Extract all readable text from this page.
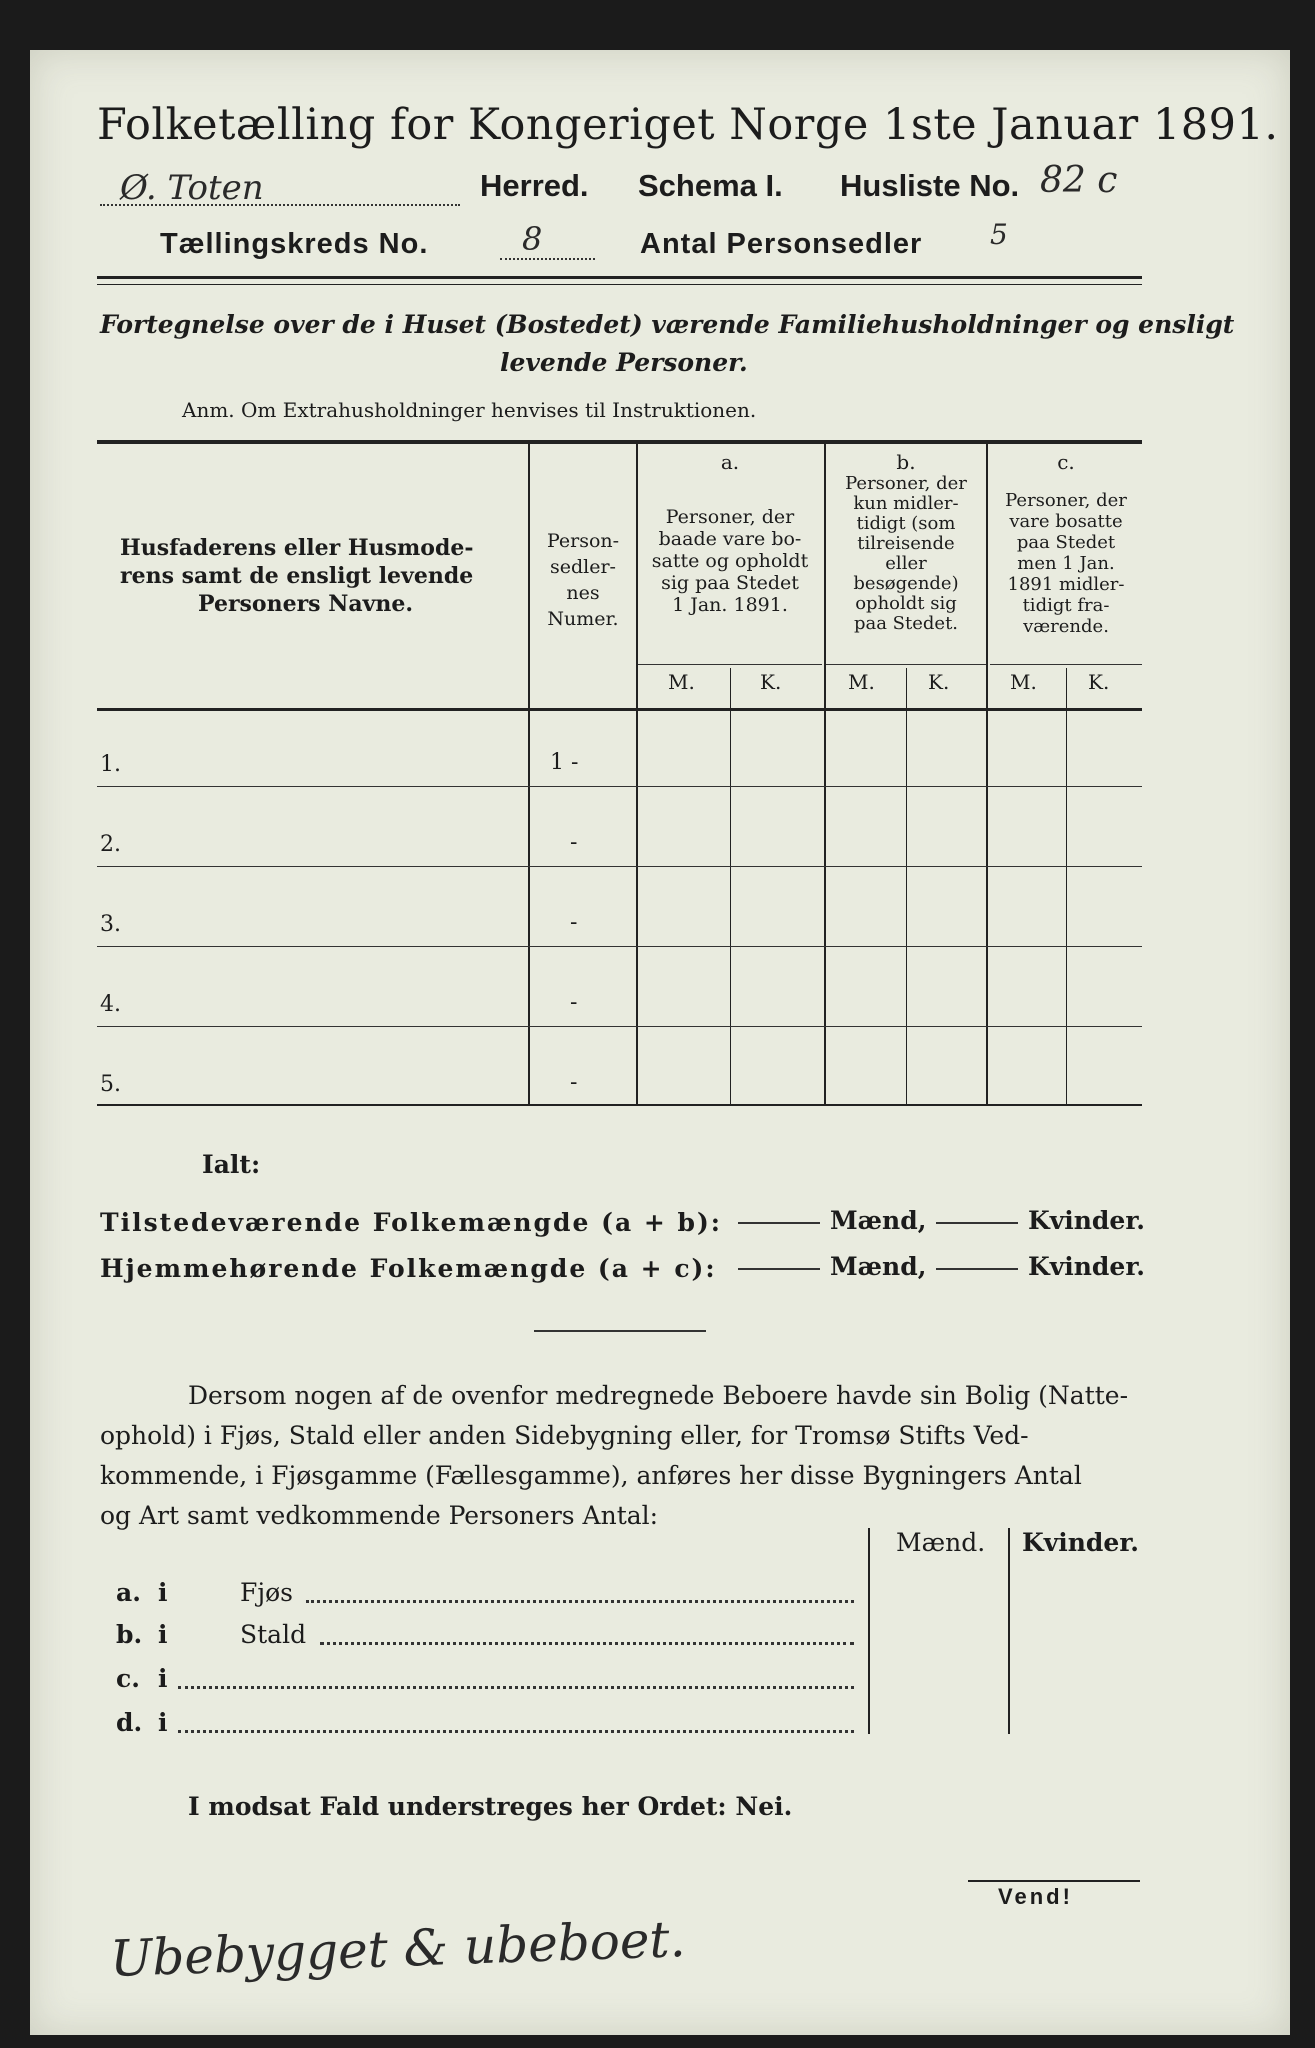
Folketælling for Kongeriget Norge 1ste Januar 1891.
Ø. Toten	Herred. Schema I. Husliste No. 82 c
Tællingskreds No.	8	Antal Personsedler 5
Fortegnelse over de i Huset (Bostedet) værende Familiehusholdninger og ensligt
levende Personer.
Anm. Om Extrahusholdninger henvises til Instruktionen.
Husfaderens eller Husmode-
rens samt de ensligt levende
Personers Navne.
Person-
sedler-
nes
Numer.
a.
Personer, der
baade vare bo-
satte og opholdt
sig paa Stedet
1 Jan. 1891.
b.
Personer, der
kun midler-
tidigt (som
tilreisende
eller
besøgende)
opholdt sig
paa Stedet.
c.
Personer, der
vare bosatte
paa Stedet
men 1 Jan.
1891 midler-
tidigt fra-
værende.
M.	K.	M.	K.	M.	K.
1.	1 -
2.	-
3.	-
4.	-
5.	-
Ialt:
Tilstedeværende Folkemængde (a + b):	Mænd,	Kvinder.
Hjemmehørende Folkemængde (a + c):	Mænd,	Kvinder.
Dersom nogen af de ovenfor medregnede Beboere havde sin Bolig (Natte-
ophold) i Fjøs, Stald eller anden Sidebygning eller, for Tromsø Stifts Ved-
kommende, i Fjøsgamme (Fællesgamme), anføres her disse Bygningers Antal
og Art samt vedkommende Personers Antal:
Mænd. Kvinder.
a. i	Fjøs
b. i	Stald
c. i
d. i
I modsat Fald understreges her Ordet: Nei.
Vend!
Ubebygget & ubeboet.
